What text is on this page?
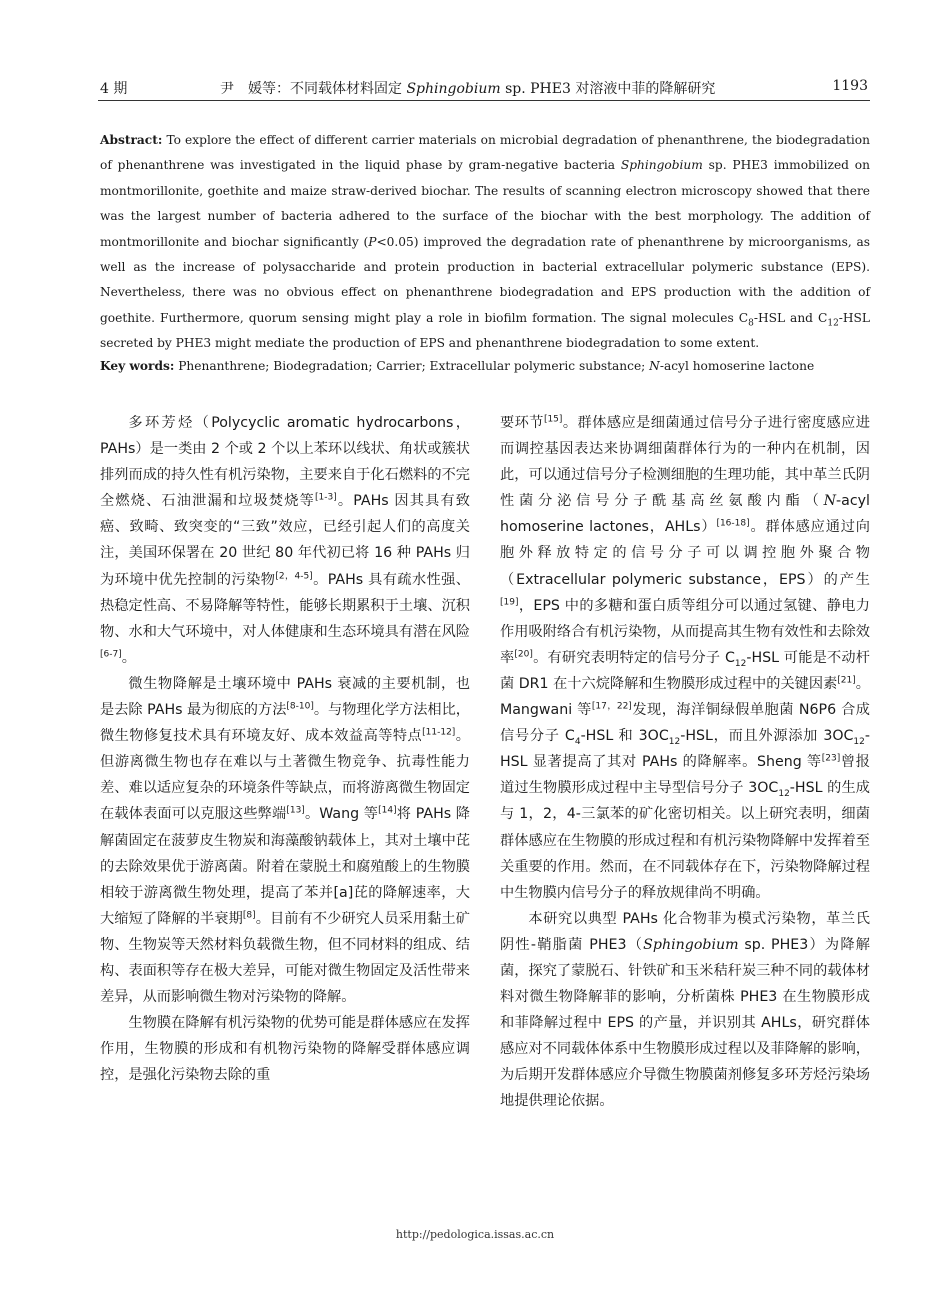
4 期	尹　媛等：不同载体材料固定 Sphingobium sp. PHE3 对溶液中菲的降解研究	1193

Abstract: To explore the effect of different carrier materials on microbial degradation of phenanthrene, the biodegradation of phenanthrene was investigated in the liquid phase by gram-negative bacteria Sphingobium sp. PHE3 immobilized on montmorillonite, goethite and maize straw-derived biochar. The results of scanning electron microscopy showed that there was the largest number of bacteria adhered to the surface of the biochar with the best morphology. The addition of montmorillonite and biochar significantly (P<0.05) improved the degradation rate of phenanthrene by microorganisms, as well as the increase of polysaccharide and protein production in bacterial extracellular polymeric substance (EPS). Nevertheless, there was no obvious effect on phenanthrene biodegradation and EPS production with the addition of goethite. Furthermore, quorum sensing might play a role in biofilm formation. The signal molecules $C_8$-HSL and $C_{12}$-HSL secreted by PHE3 might mediate the production of EPS and phenanthrene biodegradation to some extent.

Key words: Phenanthrene; Biodegradation; Carrier; Extracellular polymeric substance; N-acyl homoserine lactone

多环芳烃（Polycyclic aromatic hydrocarbons，PAHs）是一类由 2 个或 2 个以上苯环以线状、角状或簇状排列而成的持久性有机污染物，主要来自于化石燃料的不完全燃烧、石油泄漏和垃圾焚烧等[1-3]。PAHs 因其具有致癌、致畸、致突变的“三致”效应，已经引起人们的高度关注，美国环保署在 20 世纪 80 年代初已将 16 种 PAHs 归为环境中优先控制的污染物[2，4-5]。PAHs 具有疏水性强、热稳定性高、不易降解等特性，能够长期累积于土壤、沉积物、水和大气环境中，对人体健康和生态环境具有潜在风险[6-7]。

微生物降解是土壤环境中 PAHs 衰减的主要机制，也是去除 PAHs 最为彻底的方法[8-10]。与物理化学方法相比，微生物修复技术具有环境友好、成本效益高等特点[11-12]。但游离微生物也存在难以与土著微生物竞争、抗毒性能力差、难以适应复杂的环境条件等缺点，而将游离微生物固定在载体表面可以克服这些弊端[13]。Wang 等[14]将 PAHs 降解菌固定在菠萝皮生物炭和海藻酸钠载体上，其对土壤中芘的去除效果优于游离菌。附着在蒙脱土和腐殖酸上的生物膜相较于游离微生物处理，提高了苯并[a]芘的降解速率，大大缩短了降解的半衰期[8]。目前有不少研究人员采用黏土矿物、生物炭等天然材料负载微生物，但不同材料的组成、结构、表面积等存在极大差异，可能对微生物固定及活性带来差异，从而影响微生物对污染物的降解。

生物膜在降解有机污染物的优势可能是群体感应在发挥作用，生物膜的形成和有机物污染物的降解受群体感应调控，是强化污染物去除的重

要环节[15]。群体感应是细菌通过信号分子进行密度感应进而调控基因表达来协调细菌群体行为的一种内在机制，因此，可以通过信号分子检测细胞的生理功能，其中革兰氏阴性菌分泌信号分子酰基高丝氨酸内酯（N-acyl homoserine lactones，AHLs）[16-18]。群体感应通过向胞外释放特定的信号分子可以调控胞外聚合物（Extracellular polymeric substance，EPS）的产生[19]，EPS 中的多糖和蛋白质等组分可以通过氢键、静电力作用吸附络合有机污染物，从而提高其生物有效性和去除效率[20]。有研究表明特定的信号分子 $C_{12}$-HSL 可能是不动杆菌 DR1 在十六烷降解和生物膜形成过程中的关键因素[21]。Mangwani 等[17，22]发现，海洋铜绿假单胞菌 N6P6 合成信号分子 $C_4$-HSL 和 $3OC_{12}$-HSL，而且外源添加 $3OC_{12}$-HSL 显著提高了其对 PAHs 的降解率。Sheng 等[23]曾报道过生物膜形成过程中主导型信号分子 $3OC_{12}$-HSL 的生成与 1，2，4-三氯苯的矿化密切相关。以上研究表明，细菌群体感应在生物膜的形成过程和有机污染物降解中发挥着至关重要的作用。然而，在不同载体存在下，污染物降解过程中生物膜内信号分子的释放规律尚不明确。

本研究以典型 PAHs 化合物菲为模式污染物，革兰氏阴性-鞘脂菌 PHE3（Sphingobium sp. PHE3）为降解菌，探究了蒙脱石、针铁矿和玉米秸秆炭三种不同的载体材料对微生物降解菲的影响，分析菌株 PHE3 在生物膜形成和菲降解过程中 EPS 的产量，并识别其 AHLs，研究群体感应对不同载体体系中生物膜形成过程以及菲降解的影响，为后期开发群体感应介导微生物膜菌剂修复多环芳烃污染场地提供理论依据。

http://pedologica.issas.ac.cn
